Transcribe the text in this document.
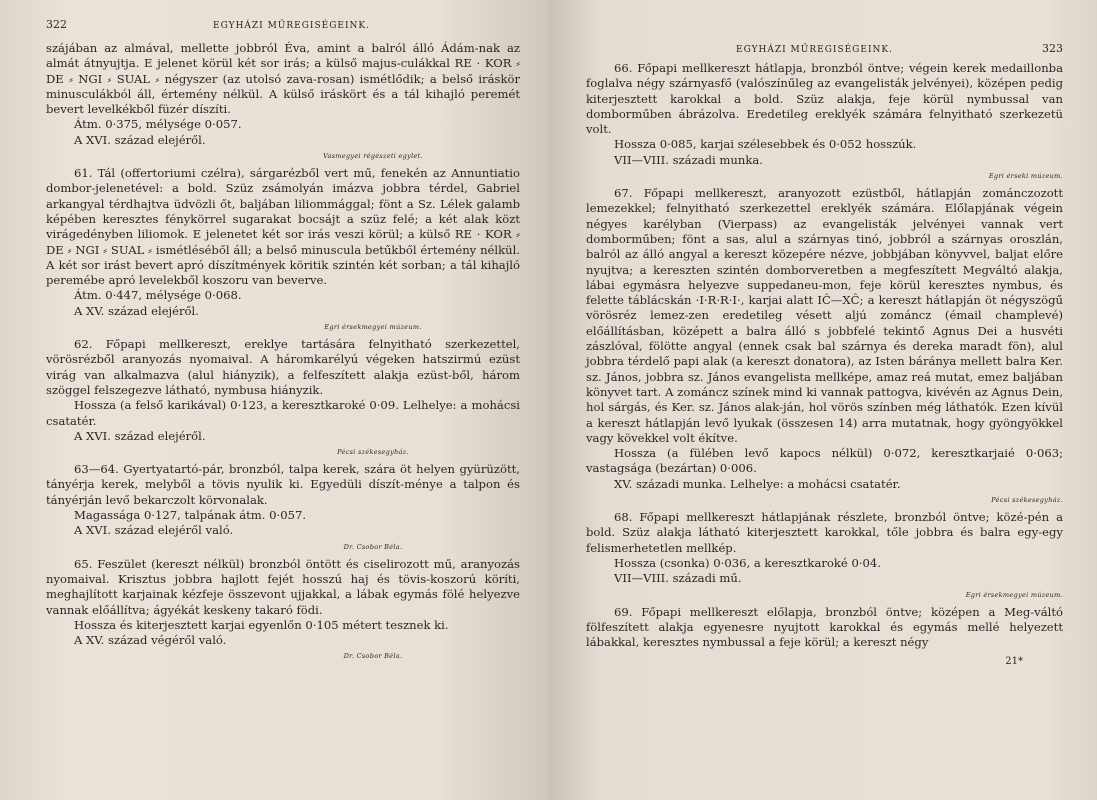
322	EGYHÁZI MŰREGISÉGEINK.

szájában az almával, mellette jobbról Éva, amint a balról álló Ádám-nak az almát átnyujtja. E jelenet körül két sor irás; a külső majus-culákkal RE · KOR ⸗ DE ⸗ NGI ⸗ SUAL ⸗ négyszer (az utolsó zava-rosan) ismétlődik; a belső iráskör minusculákból áll, értemény nélkül. A külső iráskört és a tál kihajló peremét bevert levelkékből füzér díszíti.

Átm. 0·375, mélysége 0·057.

A XVI. század elejéről.

Vasmegyei régészeti egylet.

61. Tál (offertoriumi czélra), sárgarézből vert mű, fenekén az Annuntiatio dombor-jelenetével: a bold. Szüz zsámolyán imázva jobbra térdel, Gabriel arkangyal térdhajtva üdvözli őt, baljában liliommággal; fönt a Sz. Lélek galamb képében keresztes fénykörrel sugarakat bocsájt a szüz felé; a két alak közt virágedényben liliomok. E jelenetet két sor irás veszi körül; a külső RE · KOR ⸗ DE ⸗ NGI ⸗ SUAL ⸗ ismétléséből áll; a belső minuscula betűkből értemény nélkül. A két sor irást bevert apró díszítmények köritik szintén két sorban; a tál kihajló peremébe apró levelekből koszoru van beverve.

Átm. 0·447, mélysége 0·068.

A XV. század elejéről.

Egri érsekmegyei múzeum.

62. Főpapi mellkereszt, ereklye tartására felnyitható szerkezettel, vörösrézből aranyozás nyomaival. A háromkarélyú végeken hatszirmú ezüst virág van alkalmazva (alul hiányzik), a felfeszített alakja ezüst-ből, három szöggel felszegezve látható, nymbusa hiányzik.

Hossza (a felső karikával) 0·123, a keresztkaroké 0·09. Lelhelye: a mohácsi csatatér.

A XVI. század elejéről.

Pécsi székesegyház.

63—64. Gyertyatartó-pár, bronzból, talpa kerek, szára öt helyen gyürüzött, tányérja kerek, melyből a tövis nyulik ki. Egyedüli díszít-ménye a talpon és tányérján levő bekarczolt körvonalak.

Magassága 0·127, talpának átm. 0·057.

A XVI. század elejéről való.

Dr. Csobor Béla.

65. Feszület (kereszt nélkül) bronzból öntött és ciselirozott mű, aranyozás nyomaival. Krisztus jobbra hajlott fejét hosszú haj és tövis-koszorú köríti, meghajlított karjainak kézfeje összevont ujjakkal, a lábak egymás fölé helyezve vannak előállítva; ágyékát keskeny takaró födi.

Hossza és kiterjesztett karjai egyenlőn 0·105 métert tesznek ki.

A XV. század végéről való.

Dr. Csobor Béla.
EGYHÁZI MŰREGISÉGEINK.	323

66. Főpapi mellkereszt hátlapja, bronzból öntve; végein kerek medaillonba foglalva négy szárnyasfő (valószínűleg az evangelisták jelvényei), középen pedig kiterjesztett karokkal a bold. Szüz alakja, feje körül nymbussal van domborműben ábrázolva. Eredetileg ereklyék számára felnyitható szerkezetü volt.

Hossza 0·085, karjai szélesebbek és 0·052 hosszúk.

VII—VIII. századi munka.

Egri érseki múzeum.

67. Főpapi mellkereszt, aranyozott ezüstből, hátlapján zománczozott lemezekkel; felnyitható szerkezettel ereklyék számára. Előlapjának végein négyes karélyban (Vierpass) az evangelisták jelvényei vannak vert domborműben; fönt a sas, alul a szárnyas tinó, jobbról a szárnyas oroszlán, balról az álló angyal a kereszt közepére nézve, jobbjában könyvvel, baljat előre nyujtva; a kereszten szintén domborveretben a megfeszített Megváltó alakja, lábai egymásra helyezve suppedaneu-mon, feje körül keresztes nymbus, és felette táblácskán ·I·R·R·I·, karjai alatt IĈ—XĈ; a kereszt hátlapján öt négyszögű vörösréz lemez-zen eredetileg vésett aljú zománcz (émail champlevé) előállításban, középett a balra álló s jobbfelé tekintő Agnus Dei a husvéti zászlóval, fölötte angyal (ennek csak bal szárnya és dereka maradt fön), alul jobbra térdelő papi alak (a kereszt donatora), az Isten bárányа mellett balra Ker. sz. János, jobbra sz. János evangelista mellképe, amaz reá mutat, emez baljában könyvet tart. A zománcz színek mind ki vannak pattogva, kivévén az Agnus Dein, hol sárgás, és Ker. sz. János alak-ján, hol vörös színben még láthatók. Ezen kívül a kereszt hátlapján levő lyukak (összesen 14) arra mutatnak, hogy gyöngyökkel vagy kövekkel volt ékítve.

Hossza (a fülében levő kapocs nélkül) 0·072, keresztkarjaié 0·063; vastagsága (bezártan) 0·006.

XV. századi munka. Lelhelye: a mohácsi csatatér.

Pécsi székesegyház.

68. Főpapi mellkereszt hátlapjának részlete, bronzból öntve; közé-pén a bold. Szüz alakja látható kiterjesztett karokkal, tőle jobbra és balra egy-egy felismerhetetlen mellkép.

Hossza (csonka) 0·036, a keresztkaroké 0·04.

VII—VIII. századi mű.

Egri érsekmegyei múzeum.

69. Főpapi mellkereszt előlapja, bronzból öntve; középen a Meg-váltó fölfeszített alakja egyenesre nyujtott karokkal és egymás mellé helyezett lábakkal, keresztes nymbussal a feje körül; a kereszt négy

21*
